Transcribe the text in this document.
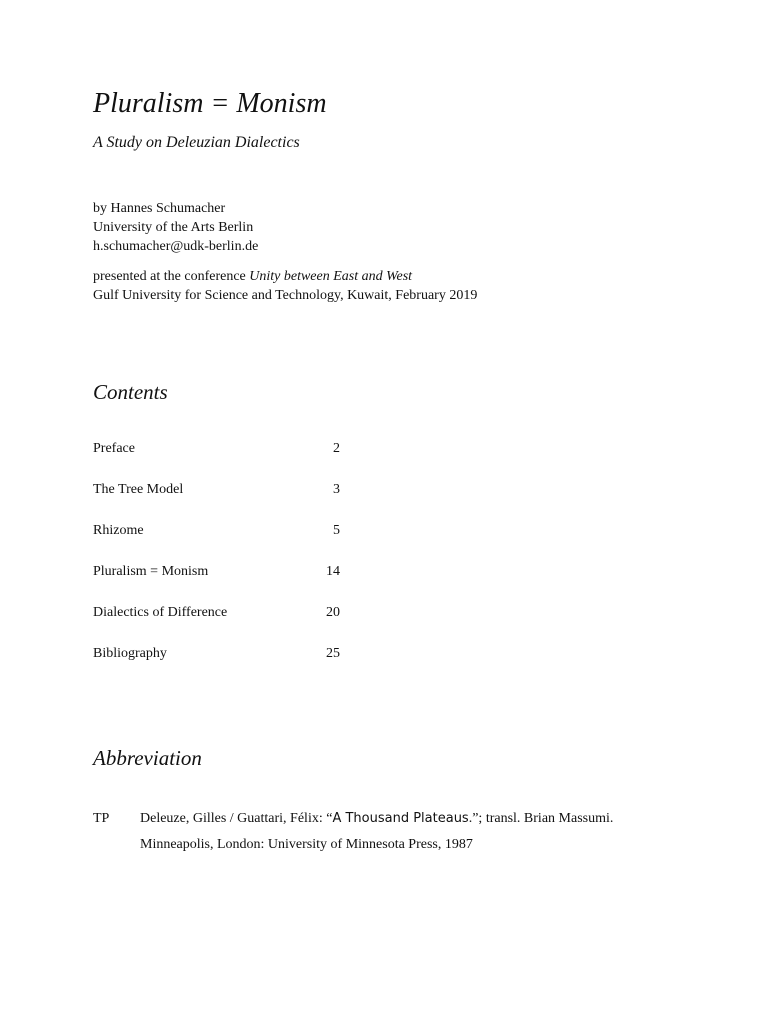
Pluralism = Monism
A Study on Deleuzian Dialectics
by Hannes Schumacher
University of the Arts Berlin
h.schumacher@udk-berlin.de
presented at the conference Unity between East and West
Gulf University for Science and Technology, Kuwait, February 2019
Contents
Preface	2
The Tree Model	3
Rhizome	5
Pluralism = Monism	14
Dialectics of Difference	20
Bibliography	25
Abbreviation
TP Deleuze, Gilles / Guattari, Félix: “A Thousand Plateaus.”; transl. Brian Massumi.
Minneapolis, London: University of Minnesota Press, 1987
